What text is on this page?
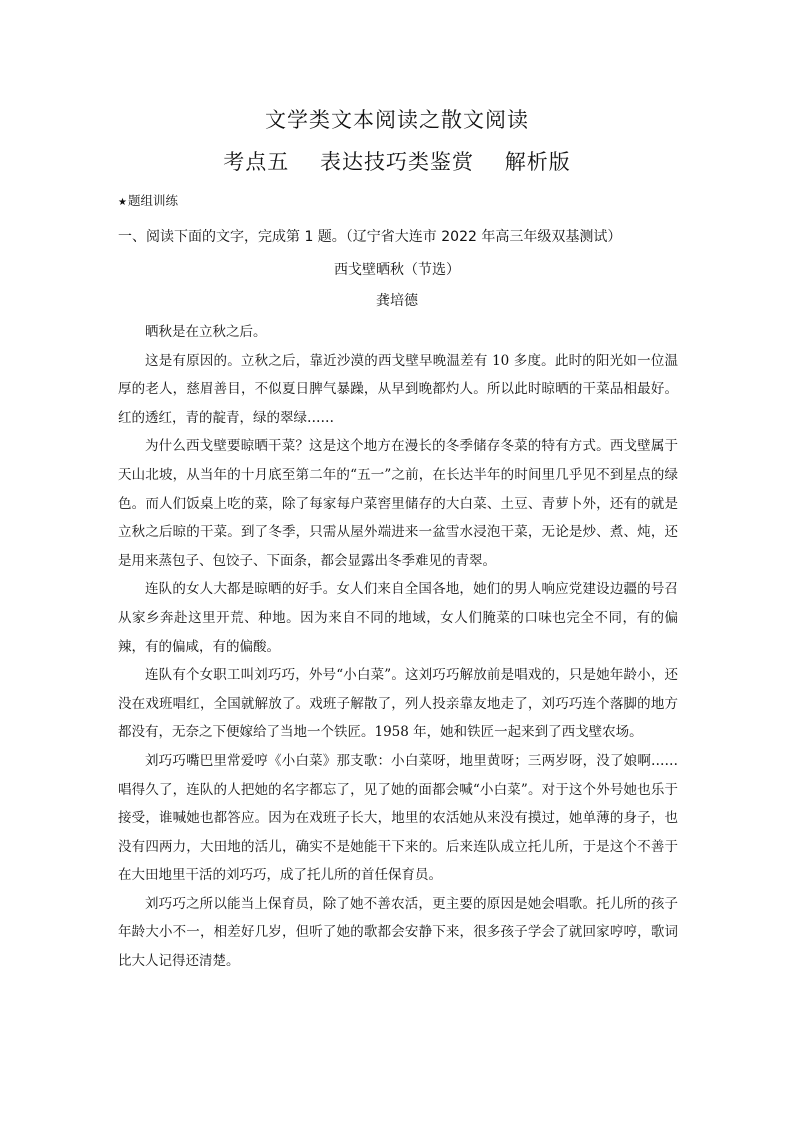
文学类文本阅读之散文阅读
考点五    表达技巧类鉴赏    解析版
★题组训练
一、阅读下面的文字，完成第 1 题。（辽宁省大连市 2022 年高三年级双基测试）
西戈壁晒秋（节选）
龚培德

晒秋是在立秋之后。

这是有原因的。立秋之后，靠近沙漠的西戈壁早晚温差有 10 多度。此时的阳光如一位温厚的老人，慈眉善目，不似夏日脾气暴躁，从早到晚都灼人。所以此时晾晒的干菜品相最好。红的透红，青的靛青，绿的翠绿……

为什么西戈壁要晾晒干菜？这是这个地方在漫长的冬季储存冬菜的特有方式。西戈壁属于天山北坡，从当年的十月底至第二年的“五一”之前，在长达半年的时间里几乎见不到星点的绿色。而人们饭桌上吃的菜，除了每家每户菜窖里储存的大白菜、土豆、青萝卜外，还有的就是立秋之后晾的干菜。到了冬季，只需从屋外端进来一盆雪水浸泡干菜，无论是炒、煮、炖，还是用来蒸包子、包饺子、下面条，都会显露出冬季难见的青翠。

连队的女人大都是晾晒的好手。女人们来自全国各地，她们的男人响应党建设边疆的号召从家乡奔赴这里开荒、种地。因为来自不同的地域，女人们腌菜的口味也完全不同，有的偏辣，有的偏咸，有的偏酸。

连队有个女职工叫刘巧巧，外号“小白菜”。这刘巧巧解放前是唱戏的，只是她年龄小，还没在戏班唱红，全国就解放了。戏班子解散了，列人投亲靠友地走了，刘巧巧连个落脚的地方都没有，无奈之下便嫁给了当地一个铁匠。1958 年，她和铁匠一起来到了西戈壁农场。

刘巧巧嘴巴里常爱哼《小白菜》那支歌：小白菜呀，地里黄呀；三两岁呀，没了娘啊……唱得久了，连队的人把她的名字都忘了，见了她的面都会喊“小白菜”。对于这个外号她也乐于接受，谁喊她也都答应。因为在戏班子长大，地里的农活她从来没有摸过，她单薄的身子，也没有四两力，大田地的活儿，确实不是她能干下来的。后来连队成立托儿所，于是这个不善于在大田地里干活的刘巧巧，成了托儿所的首任保育员。

刘巧巧之所以能当上保育员，除了她不善农活，更主要的原因是她会唱歌。托儿所的孩子年龄大小不一，相差好几岁，但听了她的歌都会安静下来，很多孩子学会了就回家哼哼，歌词比大人记得还清楚。
